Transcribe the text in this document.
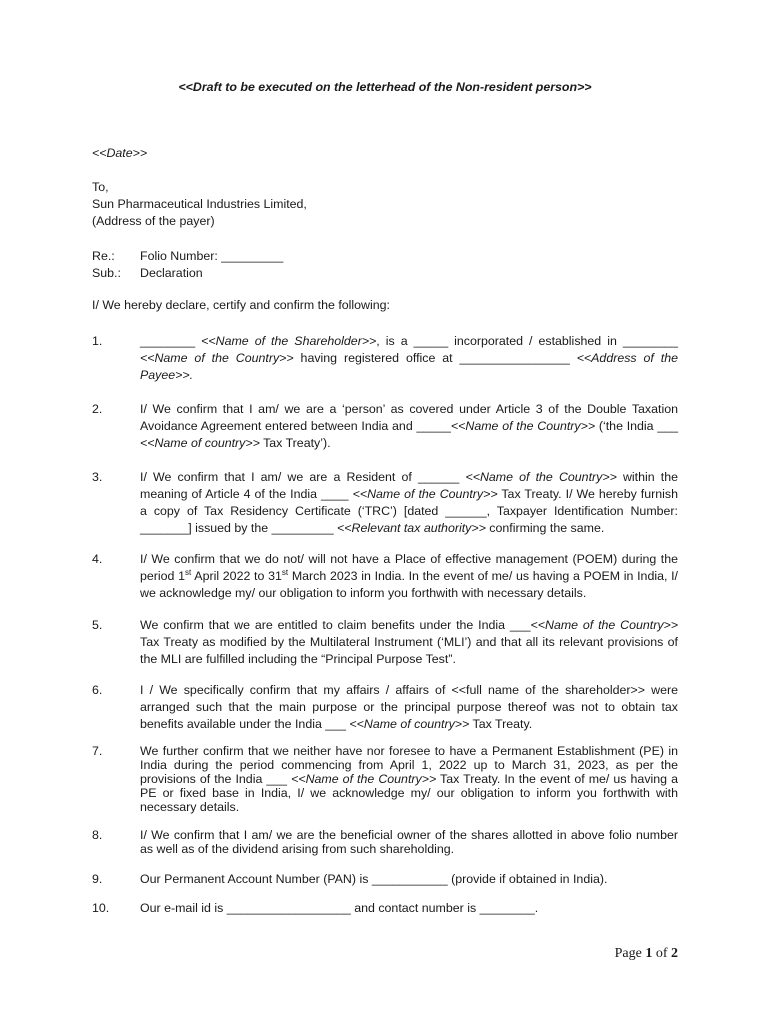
<<Draft to be executed on the letterhead of the Non-resident person>>
<<Date>>
To,
Sun Pharmaceutical Industries Limited,
(Address of the payer)
Re.:	Folio Number: _________
Sub.:	Declaration
I/ We hereby declare, certify and confirm the following:
1.	________ <<Name of the Shareholder>>, is a _____ incorporated / established in ________ <<Name of the Country>> having registered office at ________________ <<Address of the Payee>>.
2.	I/ We confirm that I am/ we are a ‘person’ as covered under Article 3 of the Double Taxation Avoidance Agreement entered between India and _____<<Name of the Country>> (‘the India ___ <<Name of country>> Tax Treaty’).
3.	I/ We confirm that I am/ we are a Resident of ______ <<Name of the Country>> within the meaning of Article 4 of the India ____ <<Name of the Country>> Tax Treaty. I/ We hereby furnish a copy of Tax Residency Certificate (‘TRC’) [dated ______, Taxpayer Identification Number: _______] issued by the _________ <<Relevant tax authority>> confirming the same.
4.	I/ We confirm that we do not/ will not have a Place of effective management (POEM) during the period 1st April 2022 to 31st March 2023 in India. In the event of me/ us having a POEM in India, I/ we acknowledge my/ our obligation to inform you forthwith with necessary details.
5.	We confirm that we are entitled to claim benefits under the India ___<<Name of the Country>> Tax Treaty as modified by the Multilateral Instrument (‘MLI’) and that all its relevant provisions of the MLI are fulfilled including the “Principal Purpose Test”.
6.	I / We specifically confirm that my affairs / affairs of <<full name of the shareholder>> were arranged such that the main purpose or the principal purpose thereof was not to obtain tax benefits available under the India ___ <<Name of country>> Tax Treaty.
7.	We further confirm that we neither have nor foresee to have a Permanent Establishment (PE) in India during the period commencing from April 1, 2022 up to March 31, 2023, as per the provisions of the India ___ <<Name of the Country>> Tax Treaty. In the event of me/ us having a PE or fixed base in India, I/ we acknowledge my/ our obligation to inform you forthwith with necessary details.
8.	I/ We confirm that I am/ we are the beneficial owner of the shares allotted in above folio number as well as of the dividend arising from such shareholding.
9.	Our Permanent Account Number (PAN) is ___________ (provide if obtained in India).
10.	Our e-mail id is __________________ and contact number is ________.
Page 1 of 2
